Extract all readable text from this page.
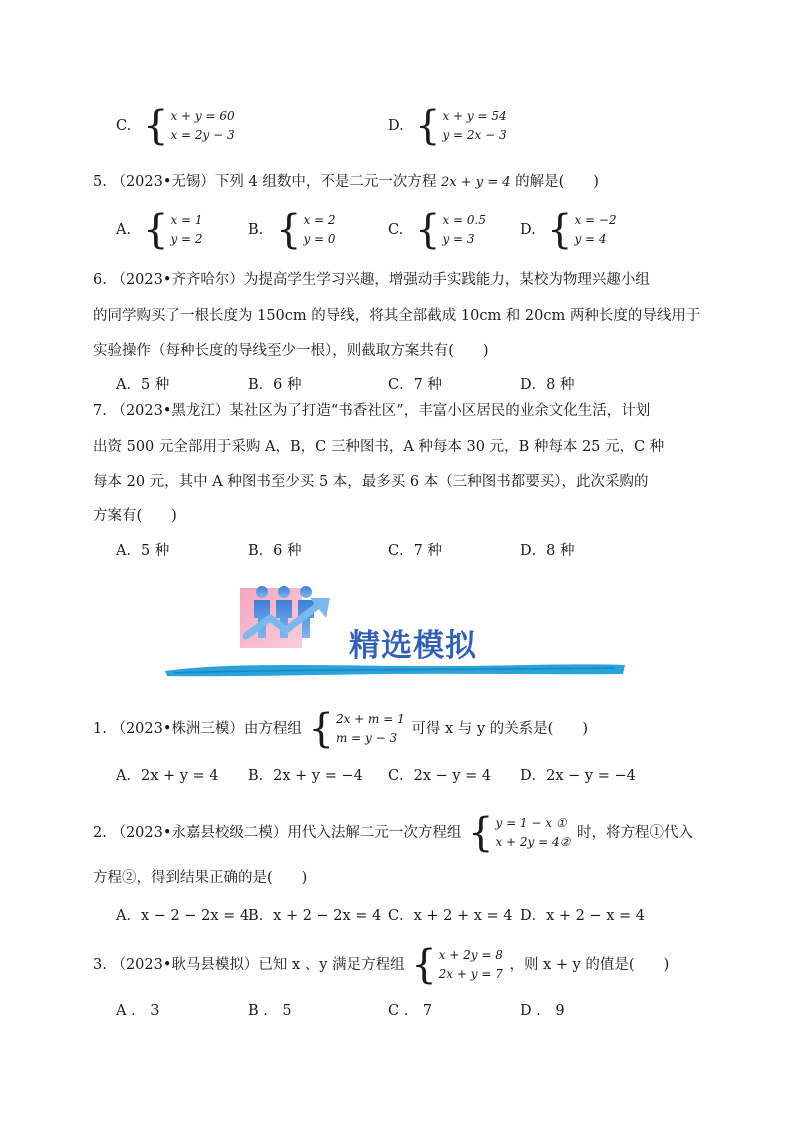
C. { x + y = 60
x = 2y − 3
D. { x + y = 54
y = 2x − 3
5. （2023•无锡）下列 4 组数中，不是二元一次方程 2x + y = 4 的解是(　　)
A. { x = 1
y = 2
B. { x = 2
y = 0
C. { x = 0.5
y = 3
D. { x = −2
y = 4
6. （2023•齐齐哈尔）为提高学生学习兴趣，增强动手实践能力，某校为物理兴趣小组
的同学购买了一根长度为 150cm 的导线，将其全部截成 10cm 和 20cm 两种长度的导线用于
实验操作（每种长度的导线至少一根），则截取方案共有(　　)
A．5 种	B．6 种	C．7 种	D．8 种
7. （2023•黑龙江）某社区为了打造“书香社区”，丰富小区居民的业余文化生活，计划
出资 500 元全部用于采购 A，B，C 三种图书，A 种每本 30 元，B 种每本 25 元，C 种
每本 20 元，其中 A 种图书至少买 5 本，最多买 6 本（三种图书都要买），此次采购的
方案有(　　)
A．5 种	B．6 种	C．7 种	D．8 种
精选模拟
1. （2023•株洲三模）由方程组 { 2x + m = 1
m = y − 3
可得 x 与 y 的关系是(　　)
A．2x + y = 4 B．2x + y = −4 C．2x − y = 4 D．2x − y = −4
2. （2023•永嘉县校级二模）用代入法解二元一次方程组 { y = 1 − x ①
x + 2y = 4②
时，将方程①代入
方程②，得到结果正确的是(　　)
A．x − 2 − 2x = 4
B．x + 2 − 2x = 4 C．x + 2 + x = 4 D．x + 2 − x = 4
3. （2023•耿马县模拟）已知 x 、y 满足方程组 { x + 2y = 8
2x + y = 7
，则 x + y 的值是(　　)
A ． 3	B ． 5	C ． 7	D ． 9
